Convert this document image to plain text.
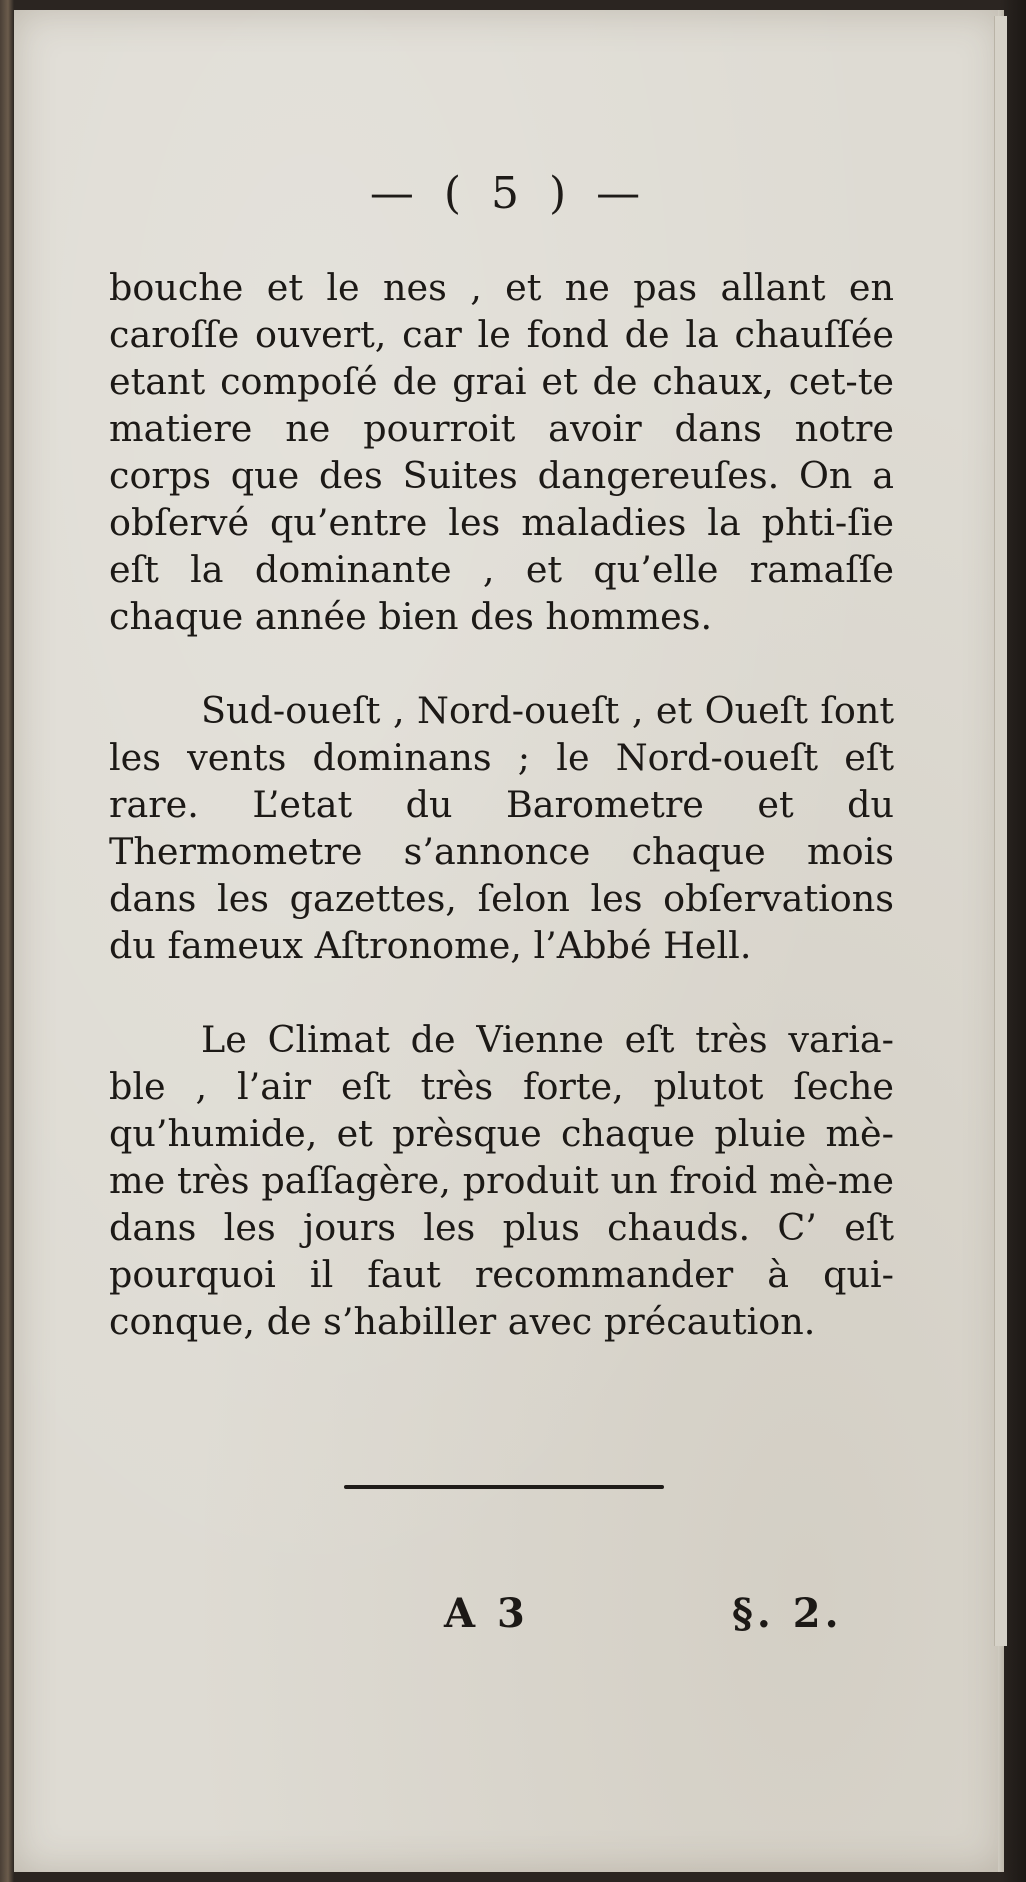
— ( 5 ) —

bouche et le nes , et ne pas allant en caroſſe ouvert, car le fond de la chauſſée etant compoſé de grai et de chaux, cet-te matiere ne pourroit avoir dans notre corps que des Suites dangereuſes. On a obſervé qu’entre les maladies la phti-ſie eſt la dominante , et qu’elle ramaſſe chaque année bien des hommes.

Sud-oueſt , Nord-oueſt , et Oueſt ſont les vents dominans ; le Nord-oueſt eſt rare. L’etat du Barometre et du Thermometre s’annonce chaque mois dans les gazettes, ſelon les obſervations du fameux Aſtronome, l’Abbé Hell.

Le Climat de Vienne eſt très varia-ble , l’air eſt très forte, plutot ſeche qu’humide, et prèsque chaque pluie mè-me très paſſagère, produit un froid mè-me dans les jours les plus chauds. C’ eſt pourquoi il faut recommander à qui-conque, de s’habiller avec précaution.

A 3	§. 2.
